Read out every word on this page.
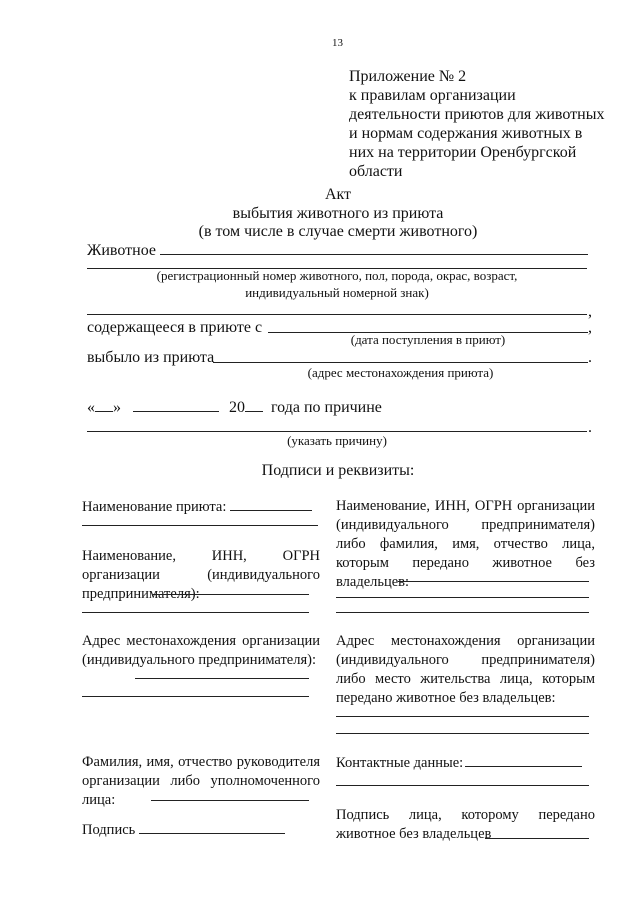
13
Приложение № 2
к правилам организации
деятельности приютов для животных
и нормам содержания животных в
них на территории Оренбургской
области
Акт
выбытия животного из приюта
(в том числе в случае смерти животного)
Животное
(регистрационный номер животного, пол, порода, окрас, возраст,
индивидуальный номерной знак)
,
содержащееся в приюте с	,
(дата поступления в приют)
выбыло из приюта	.
(адрес местонахождения приюта)
« »	20 года по причине
.
(указать причину)
Подписи и реквизиты:
Наименование приюта:
Наименование, ИНН, ОГРН организации (индивидуального предпринимателя):
Адрес местонахождения организации (индивидуального предпринимателя):
Фамилия, имя, отчество руководителя организации либо уполномоченного лица:
Подпись
Наименование, ИНН, ОГРН организации (индивидуального предпринимателя) либо фамилия, имя, отчество лица, которым передано животное без владельцев:
Адрес местонахождения организации (индивидуального предпринимателя) либо место жительства лица, которым передано животное без владельцев:
Контактные данные:
Подпись лица, которому передано животное без владельцев
